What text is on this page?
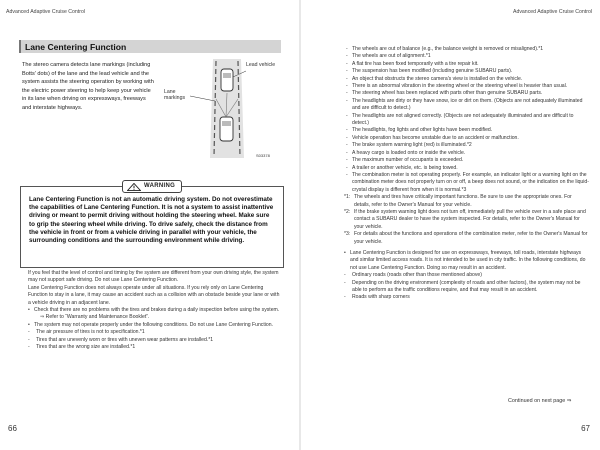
Advanced Adaptive Cruise Control
Lane Centering Function
The stereo camera detects lane markings (including Botts' dots) of the lane and the lead vehicle and the system assists the steering operation by working with the electric power steering to help keep your vehicle in its lane when driving on expressways, freeways and interstate highways.
Lead vehicle
Lane markings
S03378
WARNING
Lane Centering Function is not an automatic driving system. Do not overestimate the capabilities of Lane Centering Function. It is not a system to assist inattentive driving or meant to permit driving without holding the steering wheel. Make sure to grip the steering wheel while driving. To drive safely, check the distance from the vehicle in front or from a vehicle driving in parallel with your vehicle, the surrounding conditions and the surrounding environment while driving.

If you feel that the level of control and timing by the system are different from your own driving style, the system may not support safe driving. Do not use Lane Centering Function.

Lane Centering Function does not always operate under all situations. If you rely only on Lane Centering Function to stay in a lane, it may cause an accident such as a collision with an obstacle beside your lane or with a vehicle driving in an adjacent lane.

• Check that there are no problems with the tires and brakes during a daily inspection before using the system.

⇒ Refer to “Warranty and Maintenance Booklet”.

• The system may not operate properly under the following conditions. Do not use Lane Centering Function.

- The air pressure of tires is not to specification.*1

- Tires that are unevenly worn or tires with uneven wear patterns are installed.*1

- Tires that are the wrong size are installed.*1

66
Advanced Adaptive Cruise Control

- The wheels are out of balance (e.g., the balance weight is removed or misaligned).*1

- The wheels are out of alignment.*1

- A flat tire has been fixed temporarily with a tire repair kit.

- The suspension has been modified (including genuine SUBARU parts).

- An object that obstructs the stereo camera's view is installed on the vehicle.

- There is an abnormal vibration in the steering wheel or the steering wheel is heavier than usual.

- The steering wheel has been replaced with parts other than genuine SUBARU parts.

- The headlights are dirty or they have snow, ice or dirt on them. (Objects are not adequately illuminated and are difficult to detect.)

- The headlights are not aligned correctly. (Objects are not adequately illuminated and are difficult to detect.)

- The headlights, fog lights and other lights have been modified.

- Vehicle operation has become unstable due to an accident or malfunction.

- The brake system warning light (red) is illuminated.*2

- A heavy cargo is loaded onto or inside the vehicle.

- The maximum number of occupants is exceeded.

- A trailer or another vehicle, etc. is being towed.

- The combination meter is not operating properly. For example, an indicator light or a warning light on the combination meter does not properly turn on or off, a beep does not sound, or the indication on the liquid-crystal display is different from when it is normal.*3

*1: The wheels and tires have critically important functions. Be sure to use the appropriate ones. For details, refer to the Owner's Manual for your vehicle.

*2: If the brake system warning light does not turn off, immediately pull the vehicle over in a safe place and contact a SUBARU dealer to have the system inspected. For details, refer to the Owner's Manual for your vehicle.

*3: For details about the functions and operations of the combination meter, refer to the Owner's Manual for your vehicle.

• Lane Centering Function is designed for use on expressways, freeways, toll roads, interstate highways and similar limited access roads. It is not intended to be used in city traffic. In the following conditions, do not use Lane Centering Function. Doing so may result in an accident.

- Ordinary roads (roads other than those mentioned above)

- Depending on the driving environment (complexity of roads and other factors), the system may not be able to perform as the traffic conditions require, and that may result in an accident.

- Roads with sharp corners

Continued on next page ⇒
67
